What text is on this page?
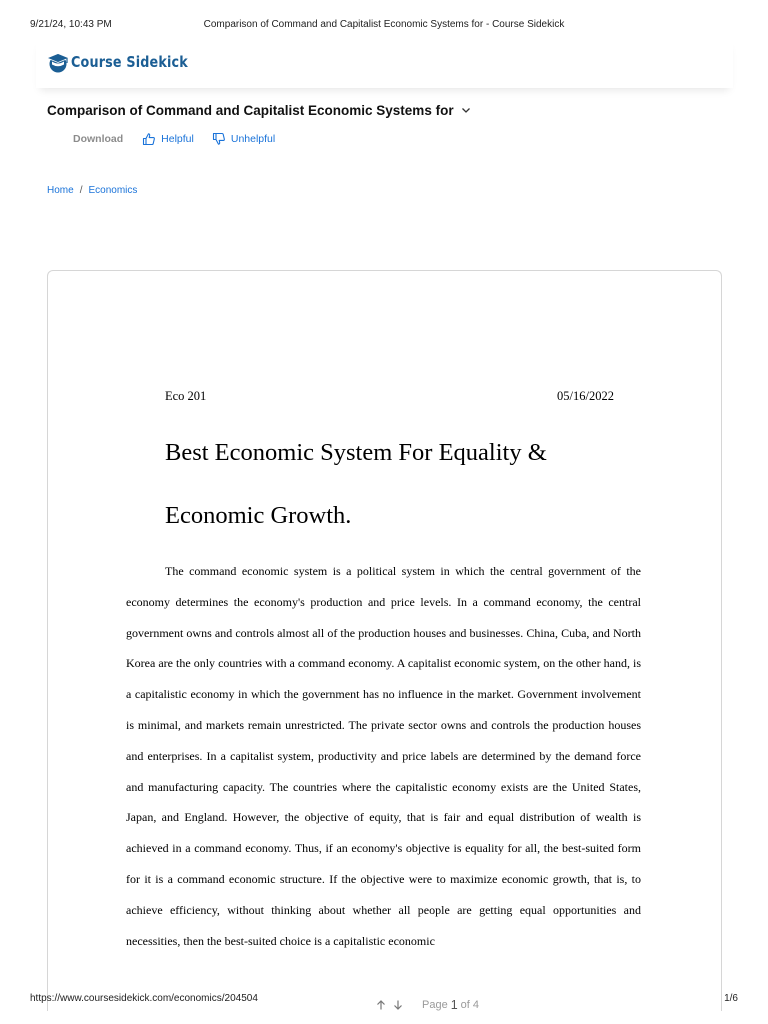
9/21/24, 10:43 PM	Comparison of Command and Capitalist Economic Systems for - Course Sidekick
Course Sidekick
Comparison of Command and Capitalist Economic Systems for
Download	Helpful	Unhelpful
Home / Economics
Eco 201	05/16/2022
Best Economic System For Equality & Economic Growth.
The command economic system is a political system in which the central government of the economy determines the economy's production and price levels. In a command economy, the central government owns and controls almost all of the production houses and businesses. China, Cuba, and North Korea are the only countries with a command economy. A capitalist economic system, on the other hand, is a capitalistic economy in which the government has no influence in the market. Government involvement is minimal, and markets remain unrestricted. The private sector owns and controls the production houses and enterprises. In a capitalist system, productivity and price labels are determined by the demand force and manufacturing capacity. The countries where the capitalistic economy exists are the United States, Japan, and England. However, the objective of equity, that is fair and equal distribution of wealth is achieved in a command economy. Thus, if an economy's objective is equality for all, the best-suited form for it is a command economic structure. If the objective were to maximize economic growth, that is, to achieve efficiency, without thinking about whether all people are getting equal opportunities and necessities, then the best-suited choice is a capitalistic economic
Page 1 of 4
https://www.coursesidekick.com/economics/204504	1/6
